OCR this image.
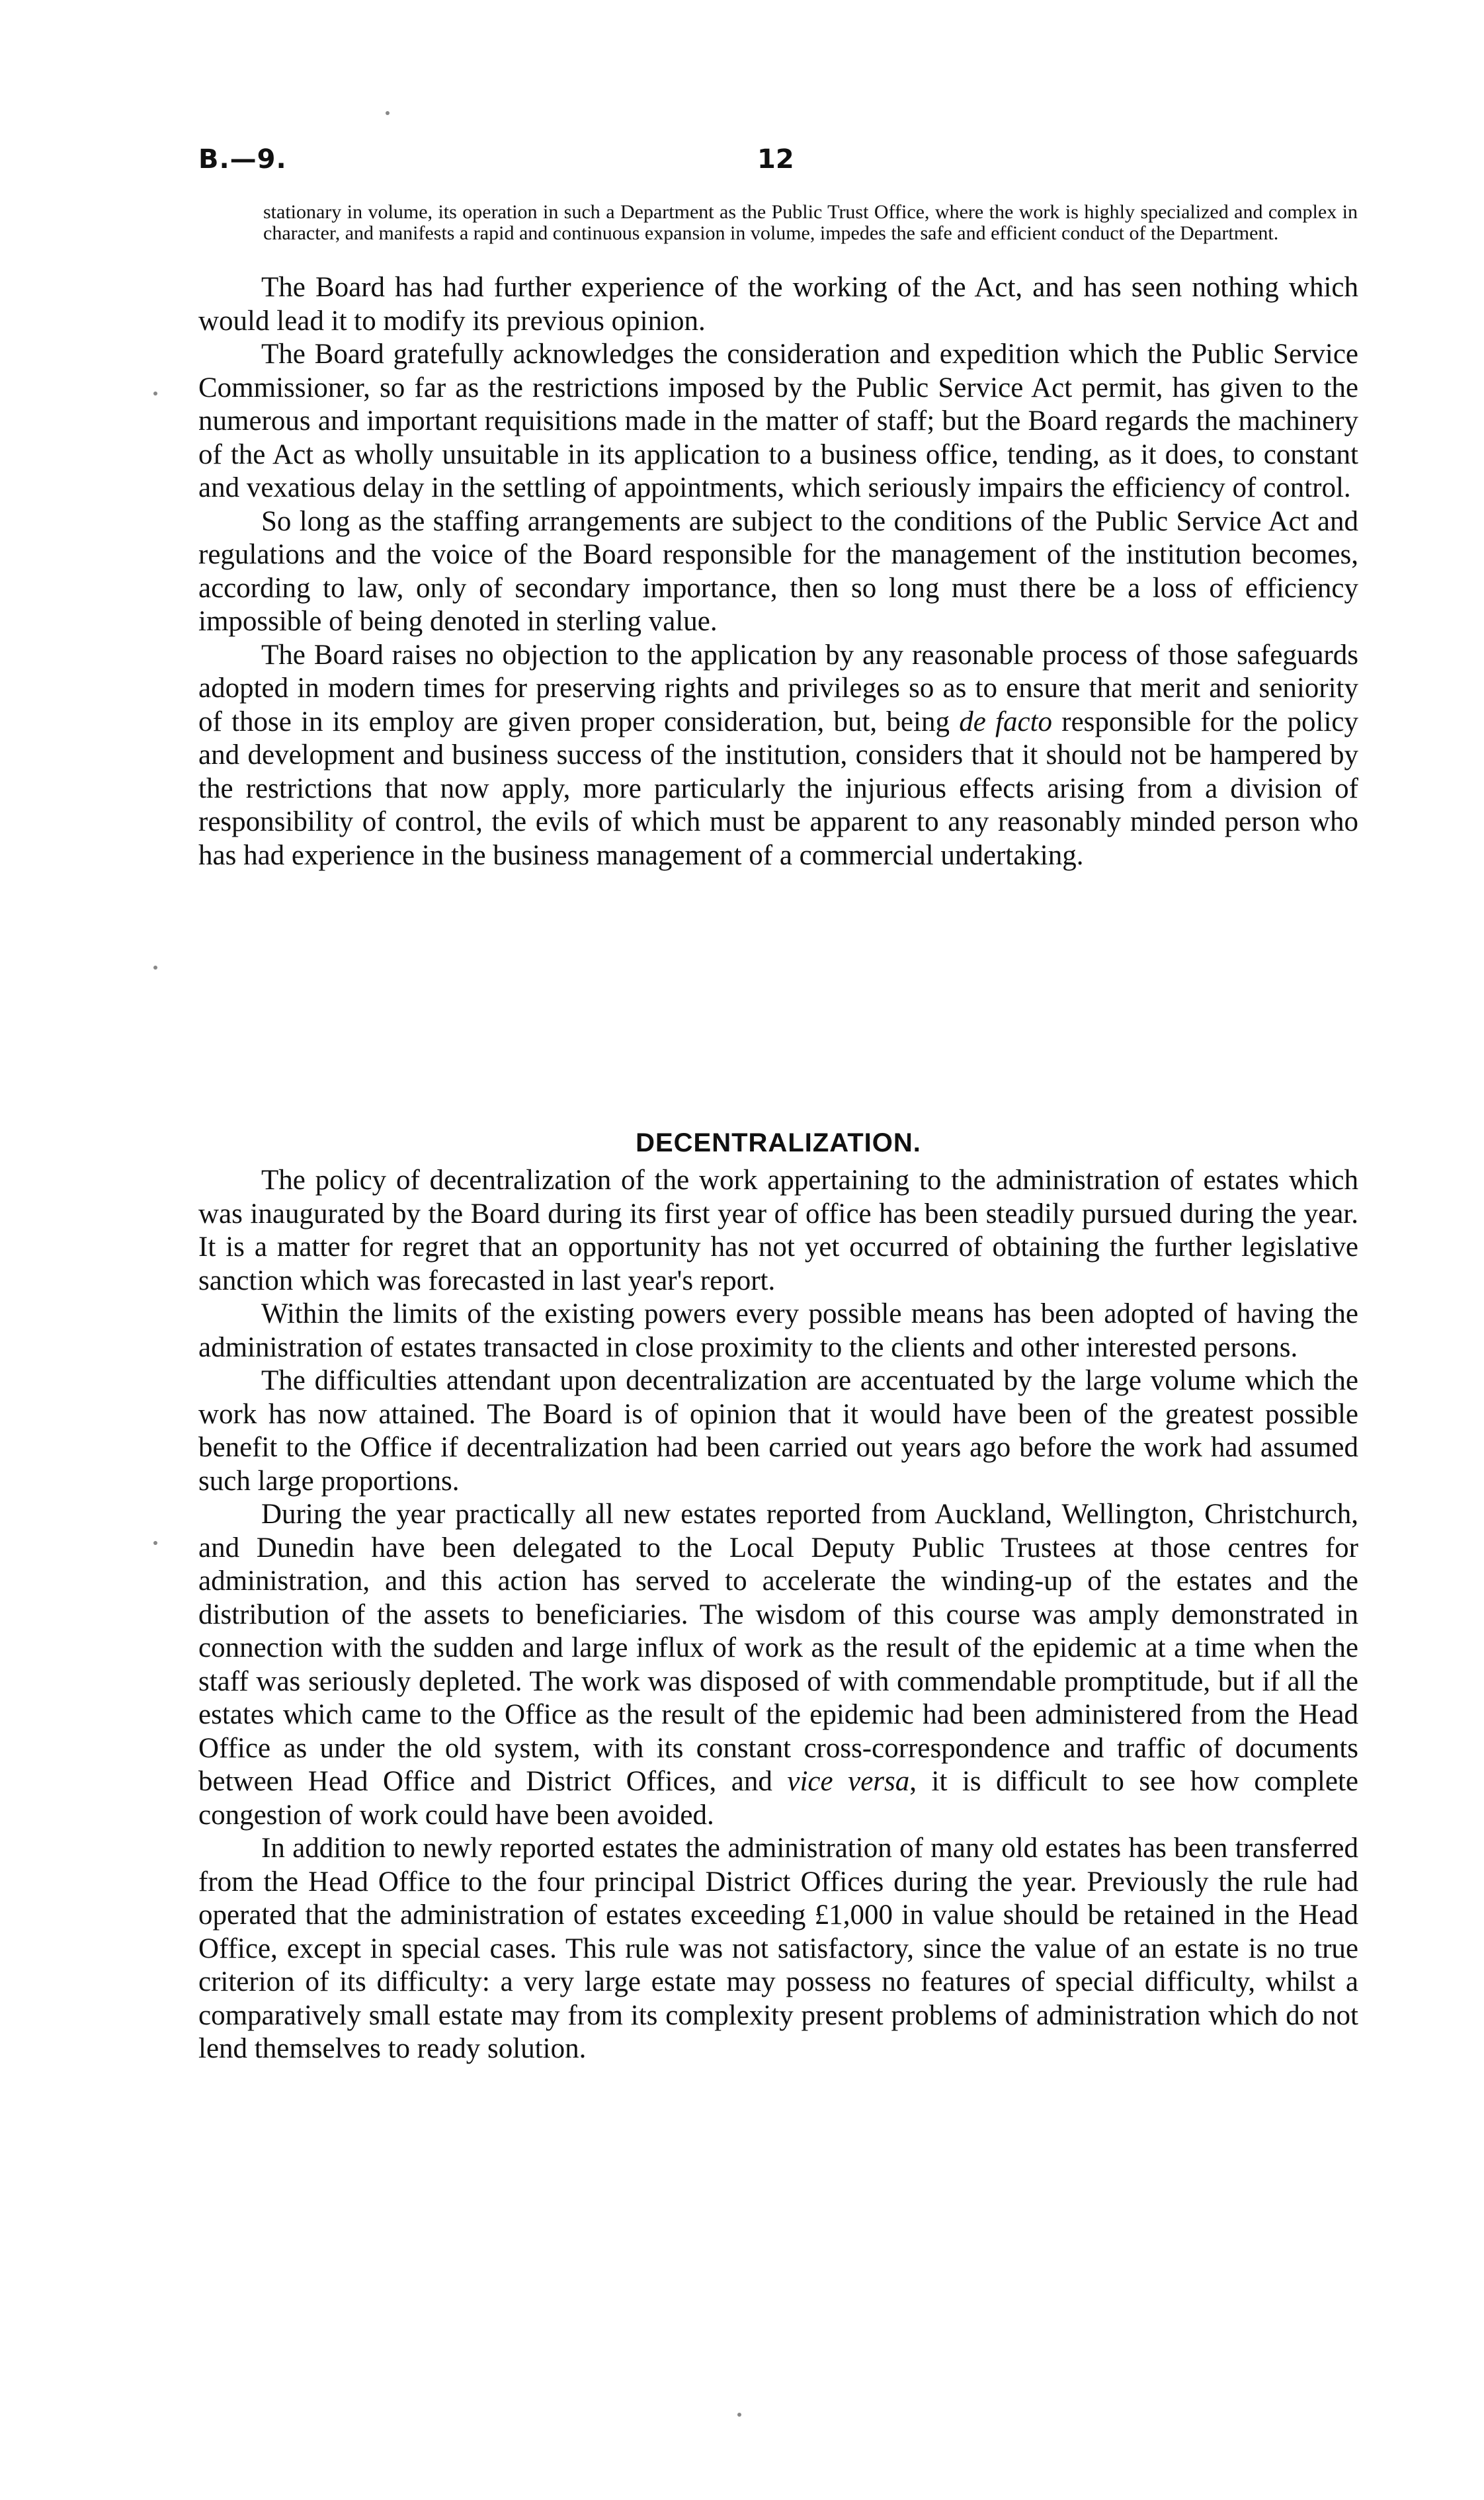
B.—9.	12

stationary in volume, its operation in such a Department as the Public Trust Office, where the work is highly specialized and complex in character, and manifests a rapid and continuous expansion in volume, impedes the safe and efficient conduct of the Department.

The Board has had further experience of the working of the Act, and has seen nothing which would lead it to modify its previous opinion.

The Board gratefully acknowledges the consideration and expedition which the Public Service Commissioner, so far as the restrictions imposed by the Public Service Act permit, has given to the numerous and important requisitions made in the matter of staff; but the Board regards the machinery of the Act as wholly unsuitable in its application to a business office, tending, as it does, to constant and vexatious delay in the settling of appointments, which seriously impairs the efficiency of control.

So long as the staffing arrangements are subject to the conditions of the Public Service Act and regulations and the voice of the Board responsible for the management of the institution becomes, according to law, only of secondary importance, then so long must there be a loss of efficiency impossible of being denoted in sterling value.

The Board raises no objection to the application by any reasonable process of those safeguards adopted in modern times for preserving rights and privileges so as to ensure that merit and seniority of those in its employ are given proper consideration, but, being de facto responsible for the policy and development and business success of the institution, considers that it should not be hampered by the restrictions that now apply, more particularly the injurious effects arising from a division of responsibility of control, the evils of which must be apparent to any reasonably minded person who has had experience in the business management of a commercial undertaking.

DECENTRALIZATION.

The policy of decentralization of the work appertaining to the administration of estates which was inaugurated by the Board during its first year of office has been steadily pursued during the year. It is a matter for regret that an opportunity has not yet occurred of obtaining the further legislative sanction which was forecasted in last year's report.

Within the limits of the existing powers every possible means has been adopted of having the administration of estates transacted in close proximity to the clients and other interested persons.

The difficulties attendant upon decentralization are accentuated by the large volume which the work has now attained. The Board is of opinion that it would have been of the greatest possible benefit to the Office if decentralization had been carried out years ago before the work had assumed such large proportions.

During the year practically all new estates reported from Auckland, Wellington, Christchurch, and Dunedin have been delegated to the Local Deputy Public Trustees at those centres for administration, and this action has served to accelerate the winding-up of the estates and the distribution of the assets to beneficiaries. The wisdom of this course was amply demonstrated in connection with the sudden and large influx of work as the result of the epidemic at a time when the staff was seriously depleted. The work was disposed of with commendable promptitude, but if all the estates which came to the Office as the result of the epidemic had been administered from the Head Office as under the old system, with its constant cross-correspondence and traffic of documents between Head Office and District Offices, and vice versa, it is difficult to see how complete congestion of work could have been avoided.

In addition to newly reported estates the administration of many old estates has been transferred from the Head Office to the four principal District Offices during the year. Previously the rule had operated that the administration of estates exceeding £1,000 in value should be retained in the Head Office, except in special cases. This rule was not satisfactory, since the value of an estate is no true criterion of its difficulty: a very large estate may possess no features of special difficulty, whilst a comparatively small estate may from its complexity present problems of administration which do not lend themselves to ready solution.
